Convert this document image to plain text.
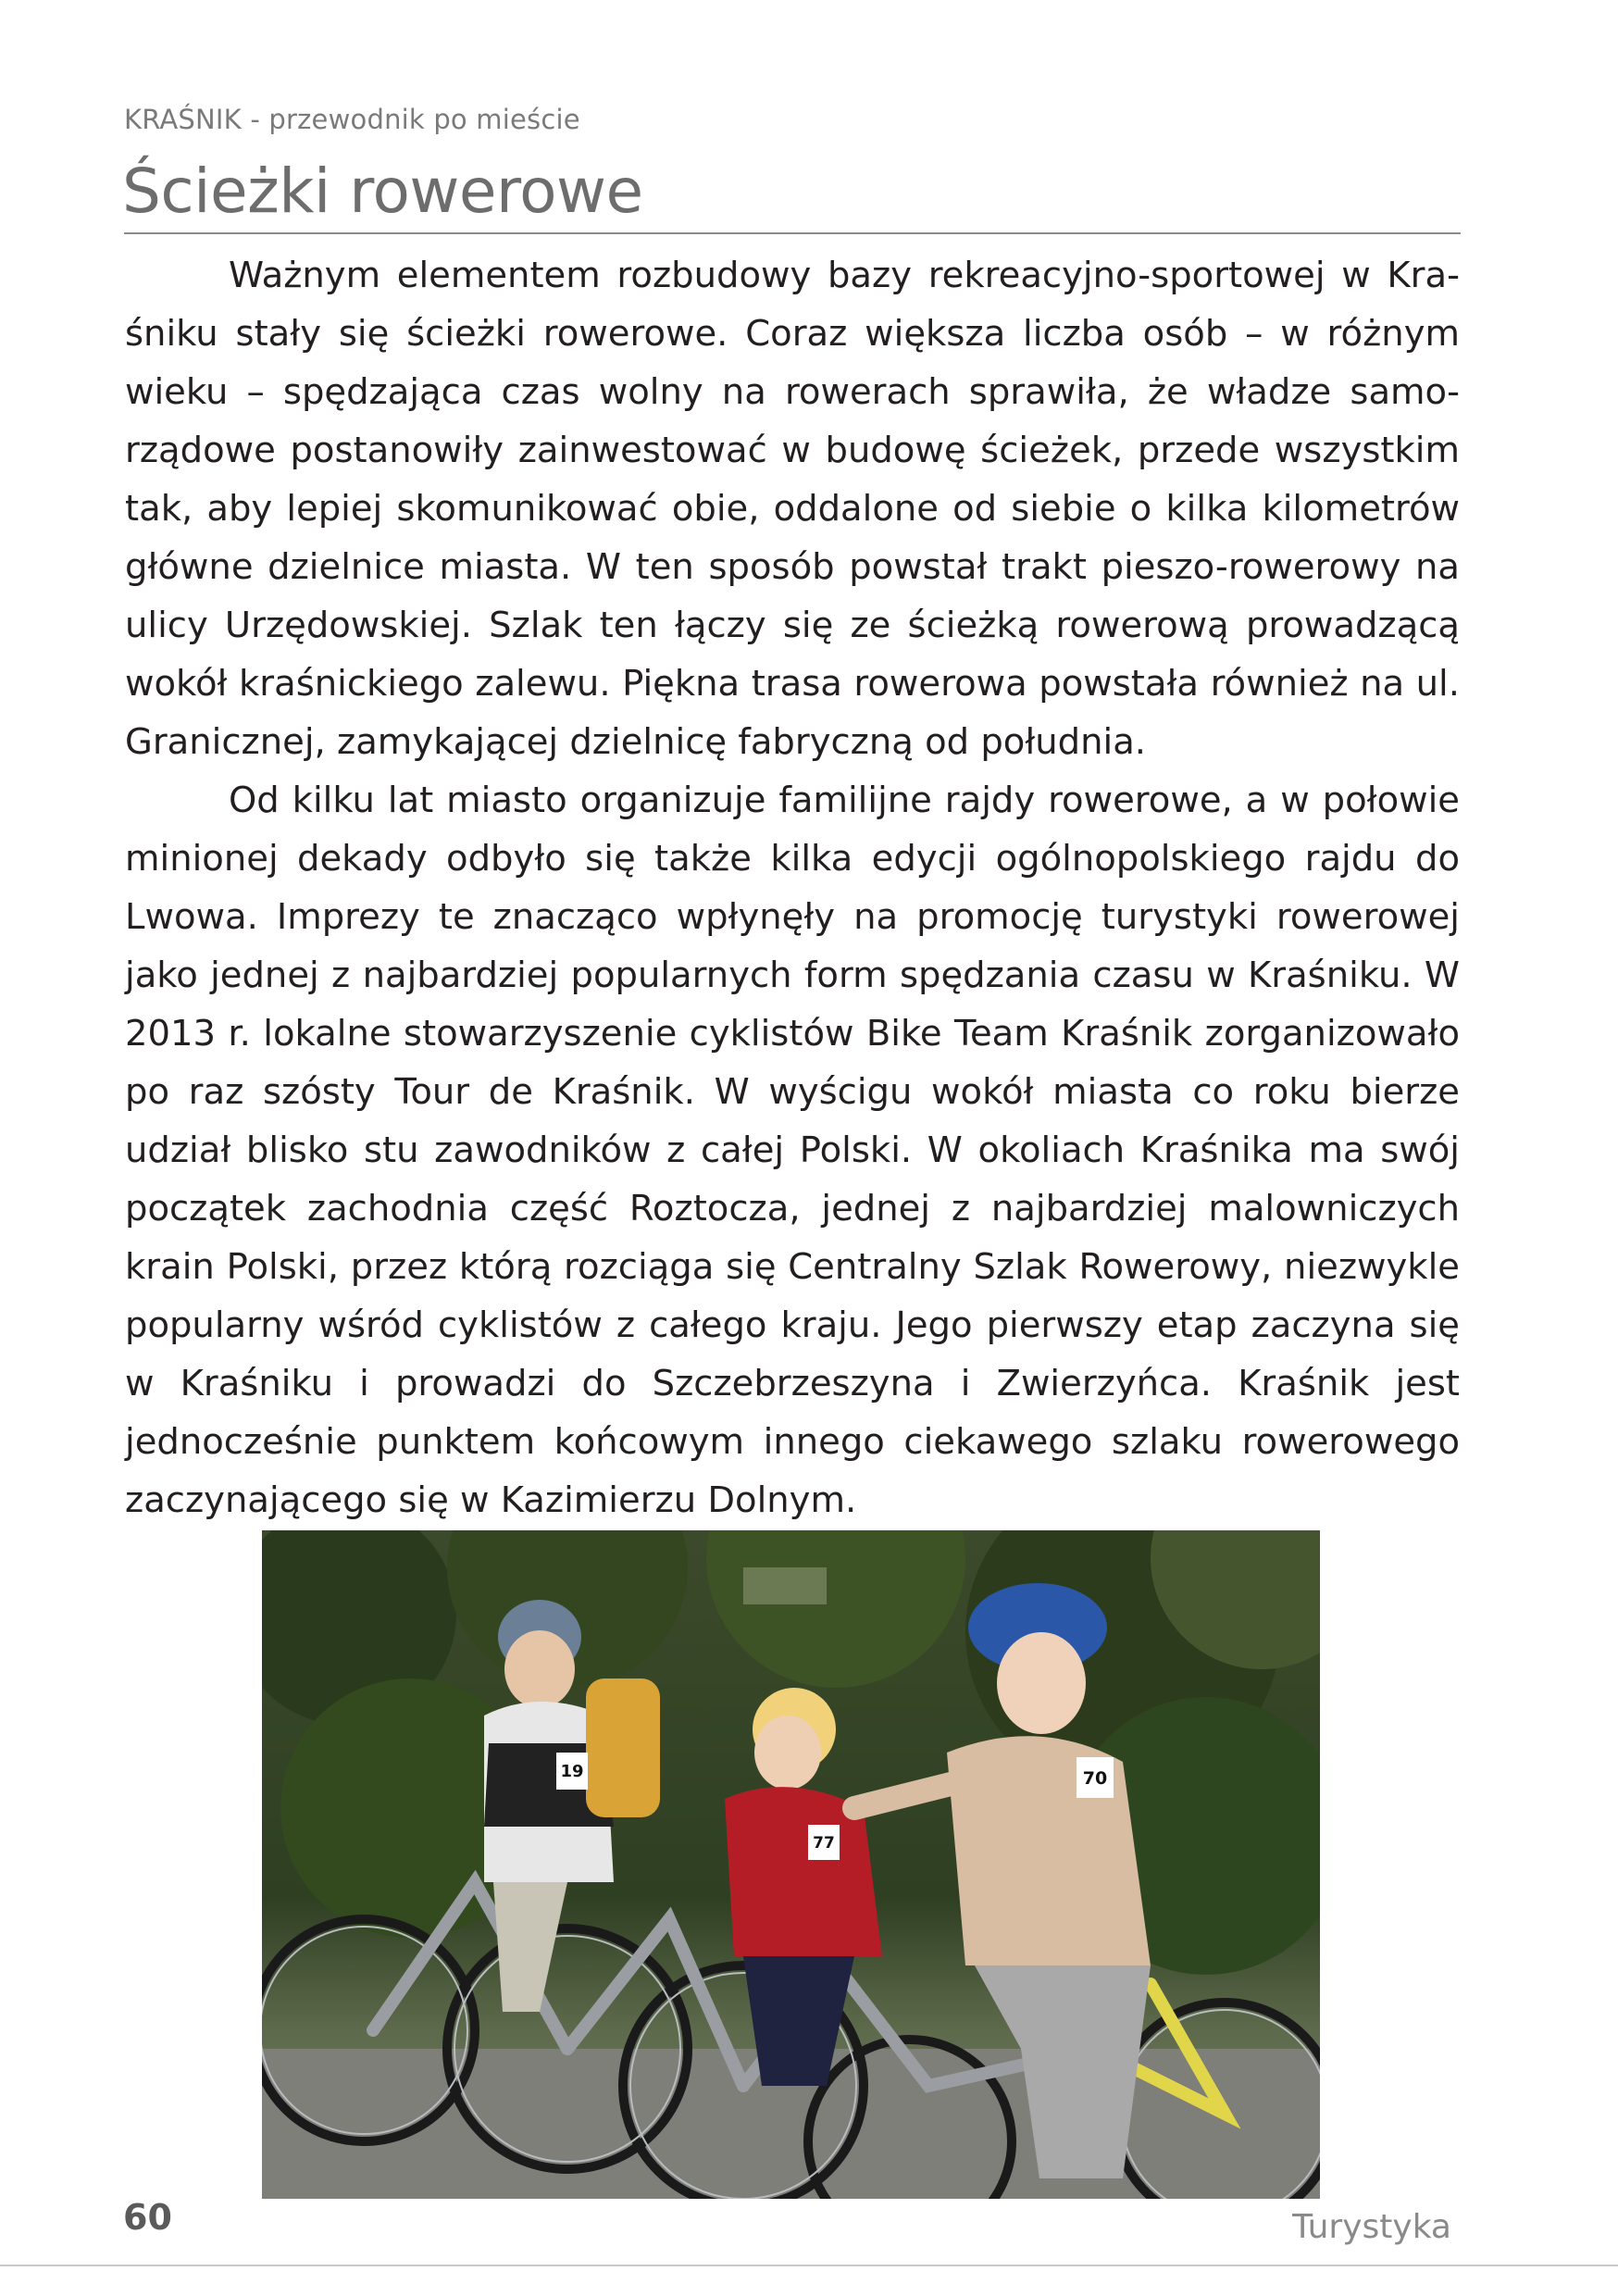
KRAŚNIK - przewodnik po mieście
Ścieżki rowerowe

Ważnym elementem rozbudowy bazy rekreacyjno-sportowej w Kraśniku stały się ścieżki rowerowe. Coraz większa liczba osób – w różnym wieku – spędzająca czas wolny na rowerach sprawiła, że władze samorządowe postanowiły zainwestować w budowę ścieżek, przede wszystkim tak, aby lepiej skomunikować obie, oddalone od siebie o kilka kilometrów główne dzielnice miasta. W ten sposób powstał trakt pieszo-rowerowy na ulicy Urzędowskiej. Szlak ten łączy się ze ścieżką rowerową prowadzącą wokół kraśnickiego zalewu. Piękna trasa rowerowa powstała również na ul. Granicznej, zamykającej dzielnicę fabryczną od południa.

Od kilku lat miasto organizuje familijne rajdy rowerowe, a w połowie minionej dekady odbyło się także kilka edycji ogólnopolskiego rajdu do Lwowa. Imprezy te znacząco wpłynęły na promocję turystyki rowerowej jako jednej z najbardziej popularnych form spędzania czasu w Kraśniku. W 2013 r. lokalne stowarzyszenie cyklistów Bike Team Kraśnik zorganizowało po raz szósty Tour de Kraśnik. W wyścigu wokół miasta co roku bierze udział blisko stu zawodników z całej Polski. W okoliach Kraśnika ma swój początek zachodnia część Roztocza, jednej z najbardziej malowniczych krain Polski, przez którą rozciąga się Centralny Szlak Rowerowy, niezwykle popularny wśród cyklistów z całego kraju. Jego pierwszy etap zaczyna się w Kraśniku i prowadzi do Szczebrzeszyna i Zwierzyńca. Kraśnik jest jednocześnie punktem końcowym innego ciekawego szlaku rowerowego zaczynającego się w Kazimierzu Dolnym.

19
77
70
60	Turystyka
